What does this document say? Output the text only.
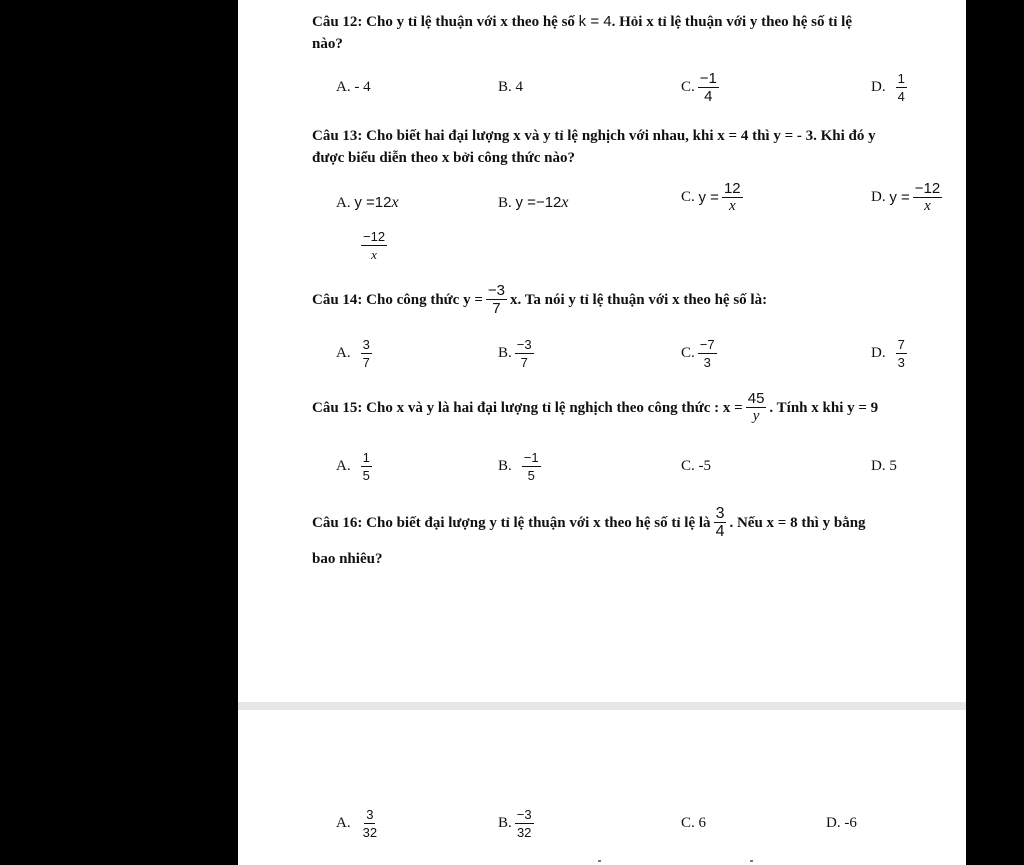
Câu 12: Cho y tỉ lệ thuận với x theo hệ số k = 4. Hỏi x tỉ lệ thuận với y theo hệ số tỉ lệ
nào?
A. - 4	B. 4	C. $\frac{-1}{4}$	D. $\frac{1}{4}$
Câu 13: Cho biết hai đại lượng x và y tỉ lệ nghịch với nhau, khi x = 4 thì y = - 3. Khi đó y
được biểu diễn theo x bởi công thức nào?
A.
y =12x	B.
y =−12x	C.
$y = \frac{12}{x}$	D.
$y = \frac{-12}{x}$
$\frac{-12}{x}$
Câu 14: Cho công thức $y = \frac{-3}{7} x$. Ta nói y tỉ lệ thuận với x theo hệ số là:
A. $\frac{3}{7}$	B. $\frac{-3}{7}$	C. $\frac{-7}{3}$	D. $\frac{7}{3}$
Câu 15: Cho x và y là hai đại lượng tỉ lệ nghịch theo công thức : $x = \frac{45}{y}$ . Tính x khi y = 9
A. $\frac{1}{5}$	B. $\frac{-1}{5}$	C. -5	D. 5
Câu 16: Cho biết đại lượng y tỉ lệ thuận với x theo hệ số tỉ lệ là $\frac{3}{4}$ . Nếu x = 8 thì y bằng
bao nhiêu?
A. $\frac{3}{32}$	B. $\frac{-3}{32}$	C. 6	D. -6
